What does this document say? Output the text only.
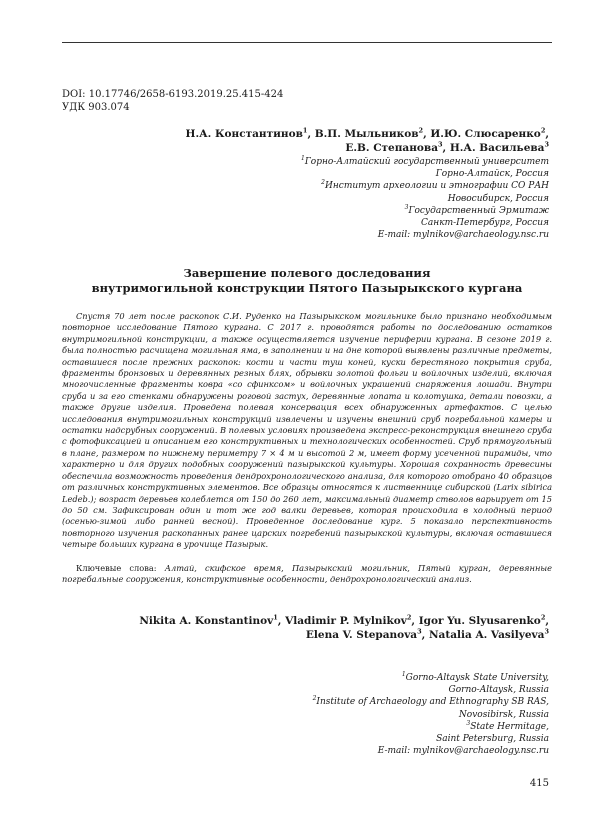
DOI: 10.17746/2658-6193.2019.25.415-424
УДК 903.074
Н.А. Константинов$^1$, В.П. Мыльников$^2$, И.Ю. Слюсаренко$^2$,
Е.В. Степанова$^3$, Н.А. Васильева$^3$
$^1$Горно-Алтайский государственный университет
Горно-Алтайск, Россия
$^2$Институт археологии и этнографии СО РАН
Новосибирск, Россия
$^3$Государственный Эрмитаж
Санкт-Петербург, Россия
E-mail: mylnikov@archaeology.nsc.ru
Завершение полевого доследования
внутримогильной конструкции Пятого Пазырыкского кургана
Спустя 70 лет после раскопок С.И. Руденко на Пазырыкском могильнике было признано необходимым повторное исследование Пятого кургана. С 2017 г. проводятся работы по доследованию остатков внутримогильной конструкции, а также осуществляется изучение периферии кургана. В сезоне 2019 г. была полностью расчищена могильная яма, в заполнении и на дне которой выявлены различные предметы, оставшиеся после прежних раскопок: кости и части туш коней, куски берестяного покрытия сруба, фрагменты бронзовых и деревянных резных блях, обрывки золотой фольги и войлочных изделий, включая многочисленные фрагменты ковра «со сфинксом» и войлочных украшений снаряжения лошади. Внутри сруба и за его стенками обнаружены роговой застух, деревянные лопата и колотушка, детали повозки, а также другие изделия. Проведена полевая консервация всех обнаруженных артефактов. С целью исследования внутримогильных конструкций извлечены и изучены внешний сруб погребальной камеры и остатки надсрубных сооружений. В полевых условиях произведена экспресс-реконструкция внешнего сруба с фотофиксацией и описанием его конструктивных и технологических особенностей. Сруб прямоугольный в плане, размером по нижнему периметру 7 × 4 м и высотой 2 м, имеет форму усеченной пирамиды, что характерно и для других подобных сооружений пазырыкской культуры. Хорошая сохранность древесины обеспечила возможность проведения дендрохронологического анализа, для которого отобрано 40 образцов от различных конструктивных элементов. Все образцы относятся к лиственнице сибирской (Larix sibirica Ledeb.); возраст деревьев колеблется от 150 до 260 лет, максимальный диаметр стволов варьирует от 15 до 50 см. Зафиксирован один и тот же год валки деревьев, которая происходила в холодный период (осенью-зимой либо ранней весной). Проведенное доследование кург. 5 показало перспективность повторного изучения раскопанных ранее царских погребений пазырыкской культуры, включая оставшиеся четыре больших кургана в урочище Пазырык.
Ключевые слова: Алтай, скифское время, Пазырыкский могильник, Пятый курган, деревянные погребальные сооружения, конструктивные особенности, дендрохронологический анализ.
Nikita A. Konstantinov$^1$, Vladimir P. Mylnikov$^2$, Igor Yu. Slyusarenko$^2$,
Elena V. Stepanova$^3$, Natalia A. Vasilyeva$^3$
$^1$Gorno-Altaysk State University,
Gorno-Altaysk, Russia
$^2$Institute of Archaeology and Ethnography SB RAS,
Novosibirsk, Russia
$^3$State Hermitage,
Saint Petersburg, Russia
E-mail: mylnikov@archaeology.nsc.ru
415
